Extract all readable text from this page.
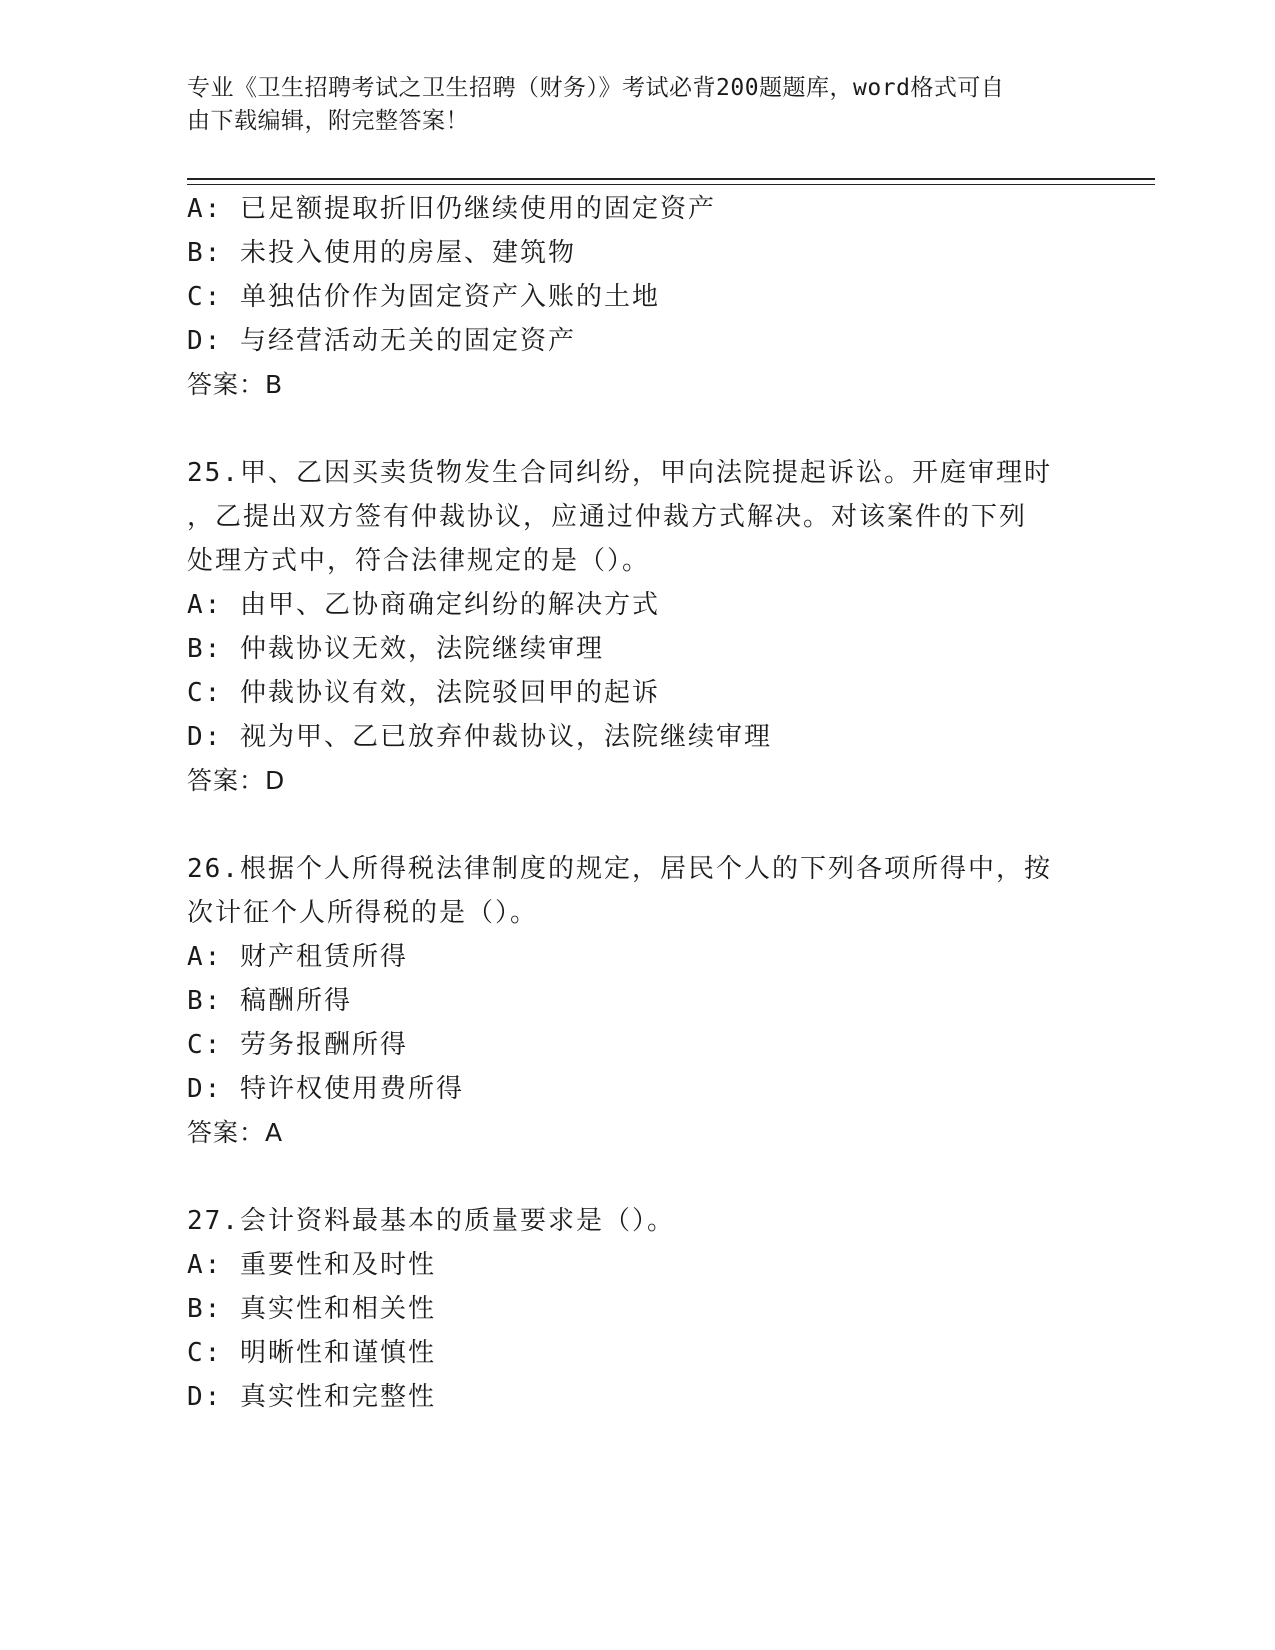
专业《卫生招聘考试之卫生招聘（财务）》考试必背200题题库，word格式可自
由下载编辑，附完整答案！
A: 已足额提取折旧仍继续使用的固定资产
B: 未投入使用的房屋、建筑物
C: 单独估价作为固定资产入账的土地
D: 与经营活动无关的固定资产
答案：B
25.甲、乙因买卖货物发生合同纠纷，甲向法院提起诉讼。开庭审理时
，乙提出双方签有仲裁协议，应通过仲裁方式解决。对该案件的下列
处理方式中，符合法律规定的是（）。
A: 由甲、乙协商确定纠纷的解决方式
B: 仲裁协议无效，法院继续审理
C: 仲裁协议有效，法院驳回甲的起诉
D: 视为甲、乙已放弃仲裁协议，法院继续审理
答案：D
26.根据个人所得税法律制度的规定，居民个人的下列各项所得中，按
次计征个人所得税的是（）。
A: 财产租赁所得
B: 稿酬所得
C: 劳务报酬所得
D: 特许权使用费所得
答案：A
27.会计资料最基本的质量要求是（）。
A: 重要性和及时性
B: 真实性和相关性
C: 明晰性和谨慎性
D: 真实性和完整性
